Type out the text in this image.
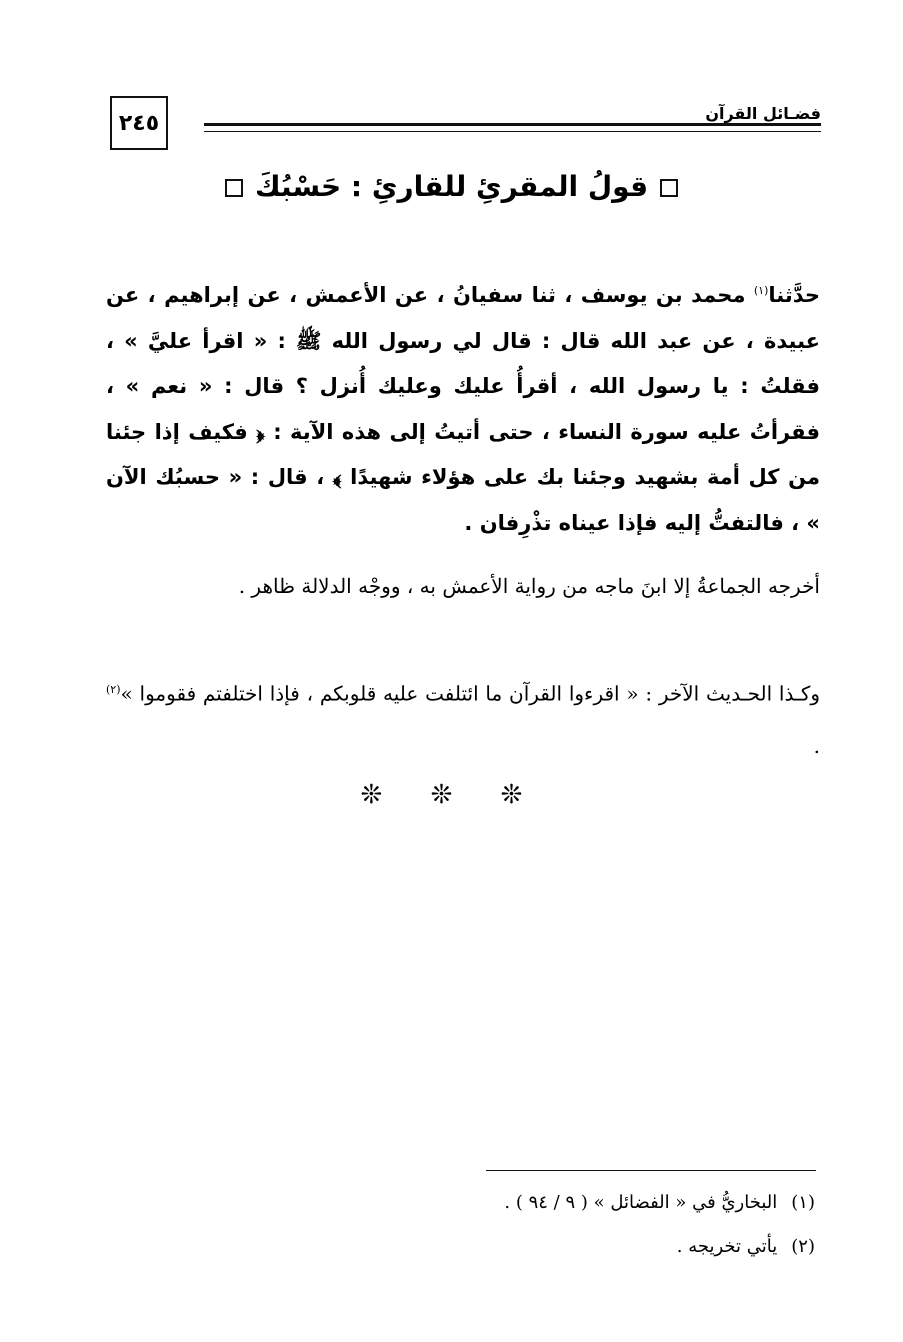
٢٤٥	فضـائل القرآن
قولُ المقرئِ للقارئِ : حَسْبُكَ

حدَّثنا$^{(١)}$ محمد بن يوسف ، ثنا سفيانُ ، عن الأعمش ، عن إبراهيم ، عن عبيدة ، عن عبد الله قال : قال لي رسول الله ﷺ : « اقرأ عليَّ » ، فقلتُ : يا رسول الله ، أقرأُ عليك وعليك أُنزل ؟ قال : « نعم » ، فقرأتُ عليه سورة النساء ، حتى أتيتُ إلى هذه الآية : ﴿ فكيف إذا جئنا من كل أمة بشهيد وجئنا بك على هؤلاء شهيدًا ﴾ ، قال : « حسبُك الآن » ، فالتفتُّ إليه فإذا عيناه تذْرِفان .

أخرجه الجماعةُ إلا ابنَ ماجه من رواية الأعمش به ، ووجْه الدلالة ظاهر .

وكـذا الحـديث الآخر : « اقرءوا القرآن ما ائتلفت عليه قلوبكم ، فإذا اختلفتم فقوموا »$^{(٢)}$ .

❊ ❊ ❊
(١)البخاريُّ في « الفضائل » ( ٩ / ٩٤ ) .
(٢)يأتي تخريجه .
